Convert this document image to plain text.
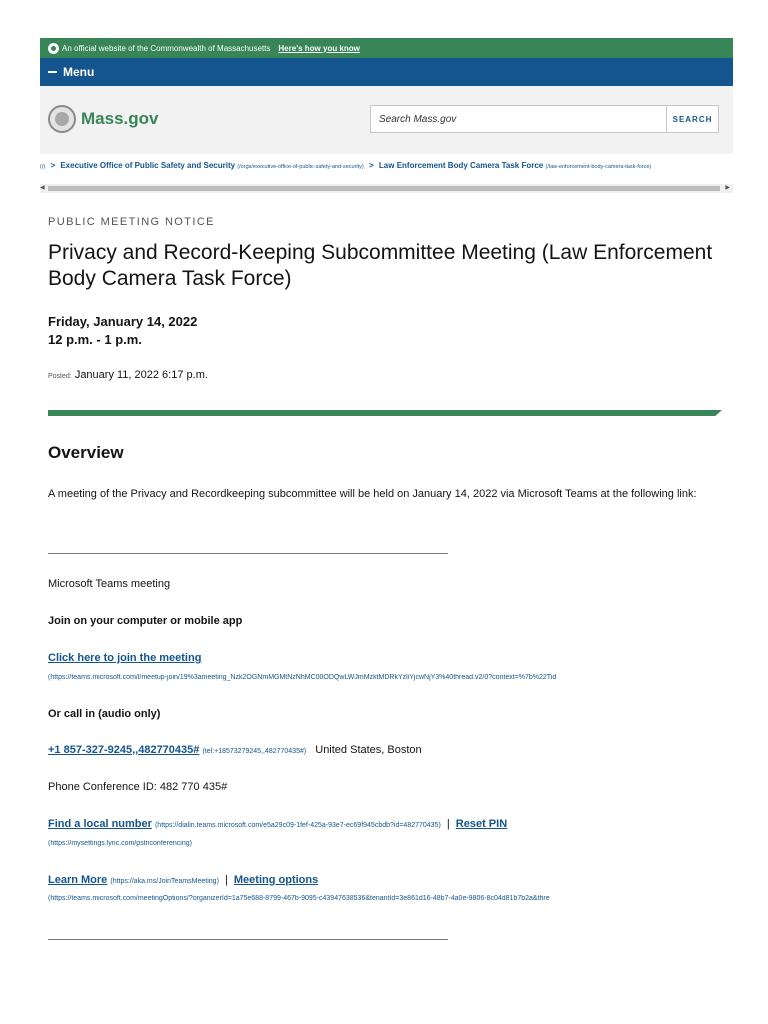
An official website of the Commonwealth of Massachusetts Here's how you know
Menu
Mass.gov
Search Mass.gov	SEARCH
(/) > Executive Office of Public Safety and Security (/orgs/executive-office-of-public-safety-and-security) > Law Enforcement Body Camera Task Force (/law-enforcement-body-camera-task-force)
◀	▶
PUBLIC MEETING NOTICE
Privacy and Record-Keeping Subcommittee Meeting (Law Enforcement Body Camera Task Force)
Friday, January 14, 2022
12 p.m. - 1 p.m.
Posted: January 11, 2022 6:17 p.m.
Overview

A meeting of the Privacy and Recordkeeping subcommittee will be held on January 14, 2022 via Microsoft Teams at the following link:

Microsoft Teams meeting
Join on your computer or mobile app
Click here to join the meeting
(https://teams.microsoft.com/l/meetup-join/19%3ameeting_Nzk2OGNmMGMtNzNhMC00ODQwLWJmMzktMDRkYzliYjcwNjY3%40thread.v2/0?context=%7b%22Tid
Or call in (audio only)
+1 857-327-9245,,482770435# (tel:+18573279245,,482770435#) United States, Boston
Phone Conference ID: 482 770 435#
Find a local number (https://dialin.teams.microsoft.com/e5a29c09-1fef-425a-93e7-ec69f945cbdb?id=482770435) | Reset PIN
(https://mysettings.lync.com/pstnconferencing)
Learn More (https://aka.ms/JoinTeamsMeeting) | Meeting options
(https://teams.microsoft.com/meetingOptions/?organizerId=1a75e688-8799-467b-9095-c43947638536&tenantId=3e861d16-48b7-4a0e-9806-8c04d81b7b2a&thre
